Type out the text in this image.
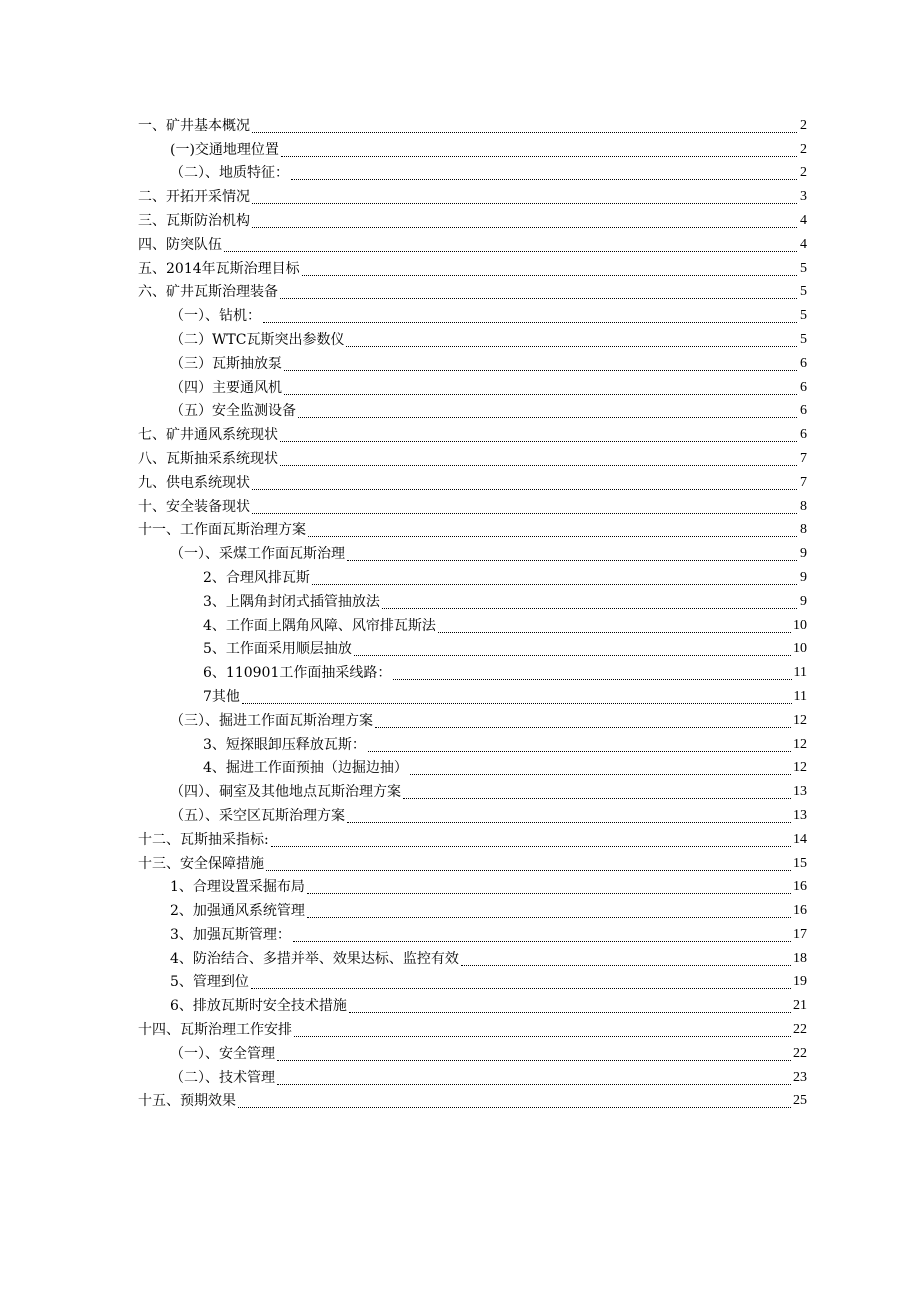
一、矿井基本概况	2
(一)交通地理位置	2
（二）、地质特征：	2
二、开拓开采情况	3
三、瓦斯防治机构	4
四、防突队伍	4
五、2014年瓦斯治理目标	5
六、矿井瓦斯治理装备	5
（一）、钻机：	5
（二）WTC瓦斯突出参数仪	5
（三）瓦斯抽放泵	6
（四）主要通风机	6
（五）安全监测设备	6
七、矿井通风系统现状	6
八、瓦斯抽采系统现状	7
九、供电系统现状	7
十、安全装备现状	8
十一、工作面瓦斯治理方案	8
（一）、采煤工作面瓦斯治理	9
2、合理风排瓦斯	9
3、上隅角封闭式插管抽放法	9
4、工作面上隅角风障、风帘排瓦斯法	10
5、工作面采用顺层抽放	10
6、110901工作面抽采线路：	11
7其他	11
（三）、掘进工作面瓦斯治理方案	12
3、短探眼卸压释放瓦斯：	12
4、掘进工作面预抽（边掘边抽）	12
（四）、硐室及其他地点瓦斯治理方案	13
（五）、采空区瓦斯治理方案	13
十二、瓦斯抽采指标:	14
十三、安全保障措施	15
1、合理设置采掘布局	16
2、加强通风系统管理	16
3、加强瓦斯管理：	17
4、防治结合、多措并举、效果达标、监控有效	18
5、管理到位	19
6、排放瓦斯时安全技术措施	21
十四、瓦斯治理工作安排	22
（一）、安全管理	22
（二）、技术管理	23
十五、预期效果	25
